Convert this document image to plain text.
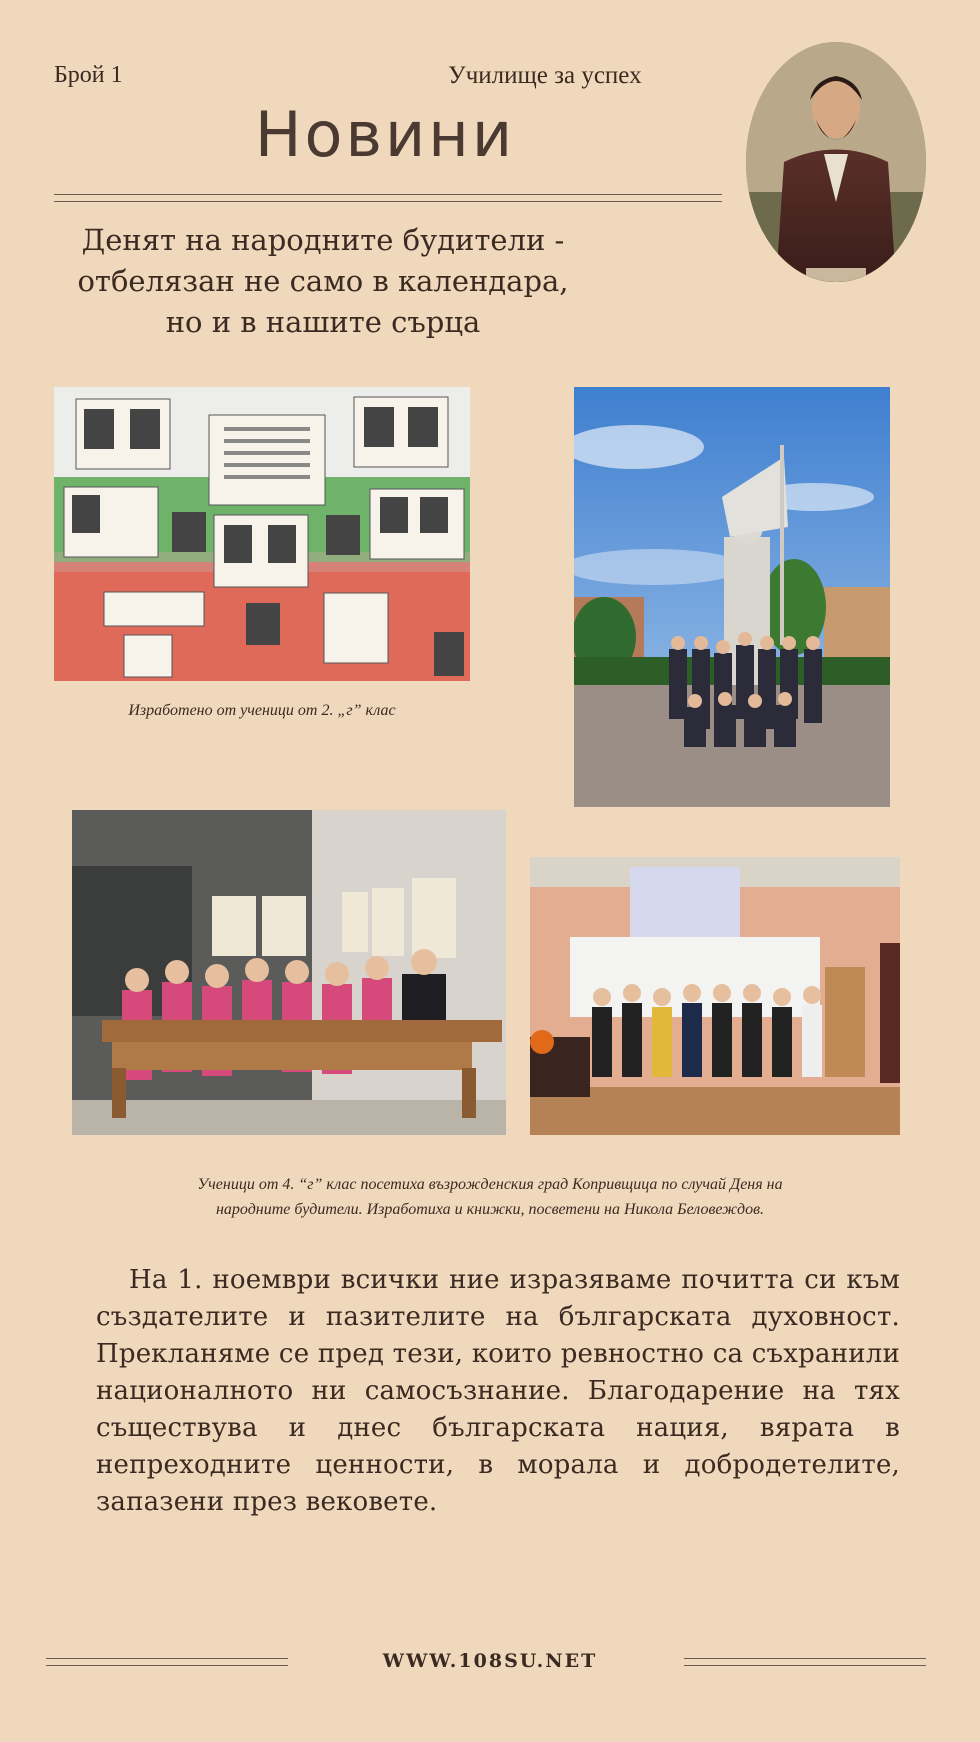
Брой 1	Училище за успех
Новини
Денят на народните будители -
отбелязан не само в календара,
но и в нашите сърца
Изработено от ученици от 2. „г” клас
Ученици от 4. “г” клас посетиха възрожденския град Копривщица по случай Деня на
народните будители. Изработиха и книжки, посветени на Никола Беловеждов.
На 1. ноември всички ние изразяваме почитта си към създателите и пазителите на българската духовност. Прекланяме се пред тези, които ревностно са съхранили националното ни самосъзнание. Благодарение на тях съществува и днес българската нация, вярата в непреходните ценности, в морала и добродетелите, запазени през вековете.
WWW.108SU.NET
